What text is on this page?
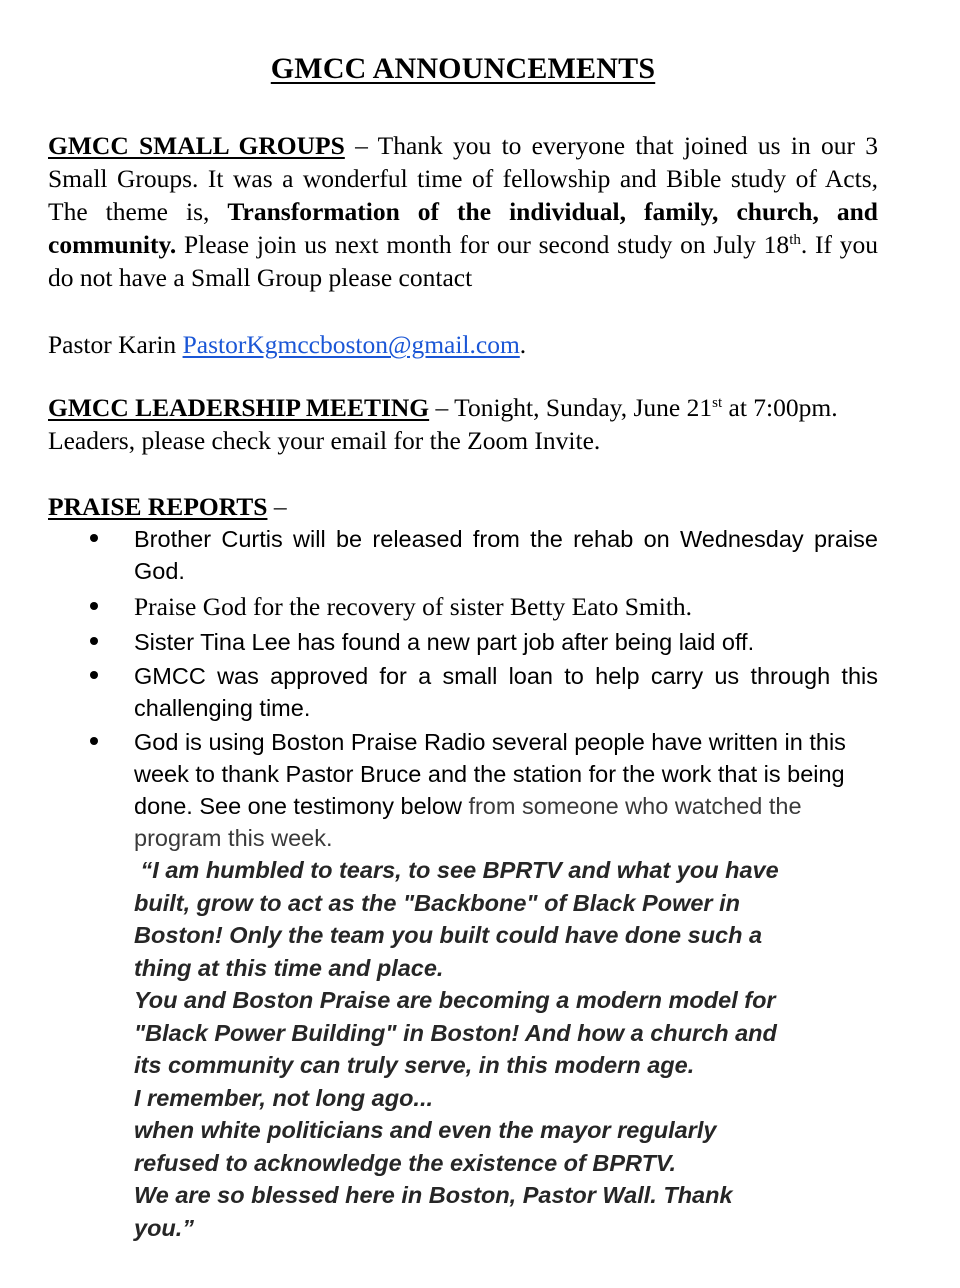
GMCC ANNOUNCEMENTS
GMCC SMALL GROUPS – Thank you to everyone that joined us in our 3 Small Groups. It was a wonderful time of fellowship and Bible study of Acts, The theme is, Transformation of the individual, family, church, and community. Please join us next month for our second study on July 18th. If you do not have a Small Group please contact
Pastor Karin PastorKgmccboston@gmail.com.
GMCC LEADERSHIP MEETING – Tonight, Sunday, June 21st at 7:00pm. Leaders, please check your email for the Zoom Invite.
PRAISE REPORTS –
Brother Curtis will be released from the rehab on Wednesday praise God.
Praise God for the recovery of sister Betty Eato Smith.
Sister Tina Lee has found a new part job after being laid off.
GMCC was approved for a small loan to help carry us through this challenging time.
God is using Boston Praise Radio several people have written in this week to thank Pastor Bruce and the station for the work that is being done. See one testimony below from someone who watched the program this week.
“I am humbled to tears, to see BPRTV and what you have
built, grow to act as the "Backbone" of Black Power in
Boston! Only the team you built could have done such a
thing at this time and place.
You and Boston Praise are becoming a modern model for
"Black Power Building" in Boston! And how a church and
its community can truly serve, in this modern age.
I remember, not long ago...
when white politicians and even the mayor regularly
refused to acknowledge the existence of BPRTV.
We are so blessed here in Boston, Pastor Wall. Thank
you.”
